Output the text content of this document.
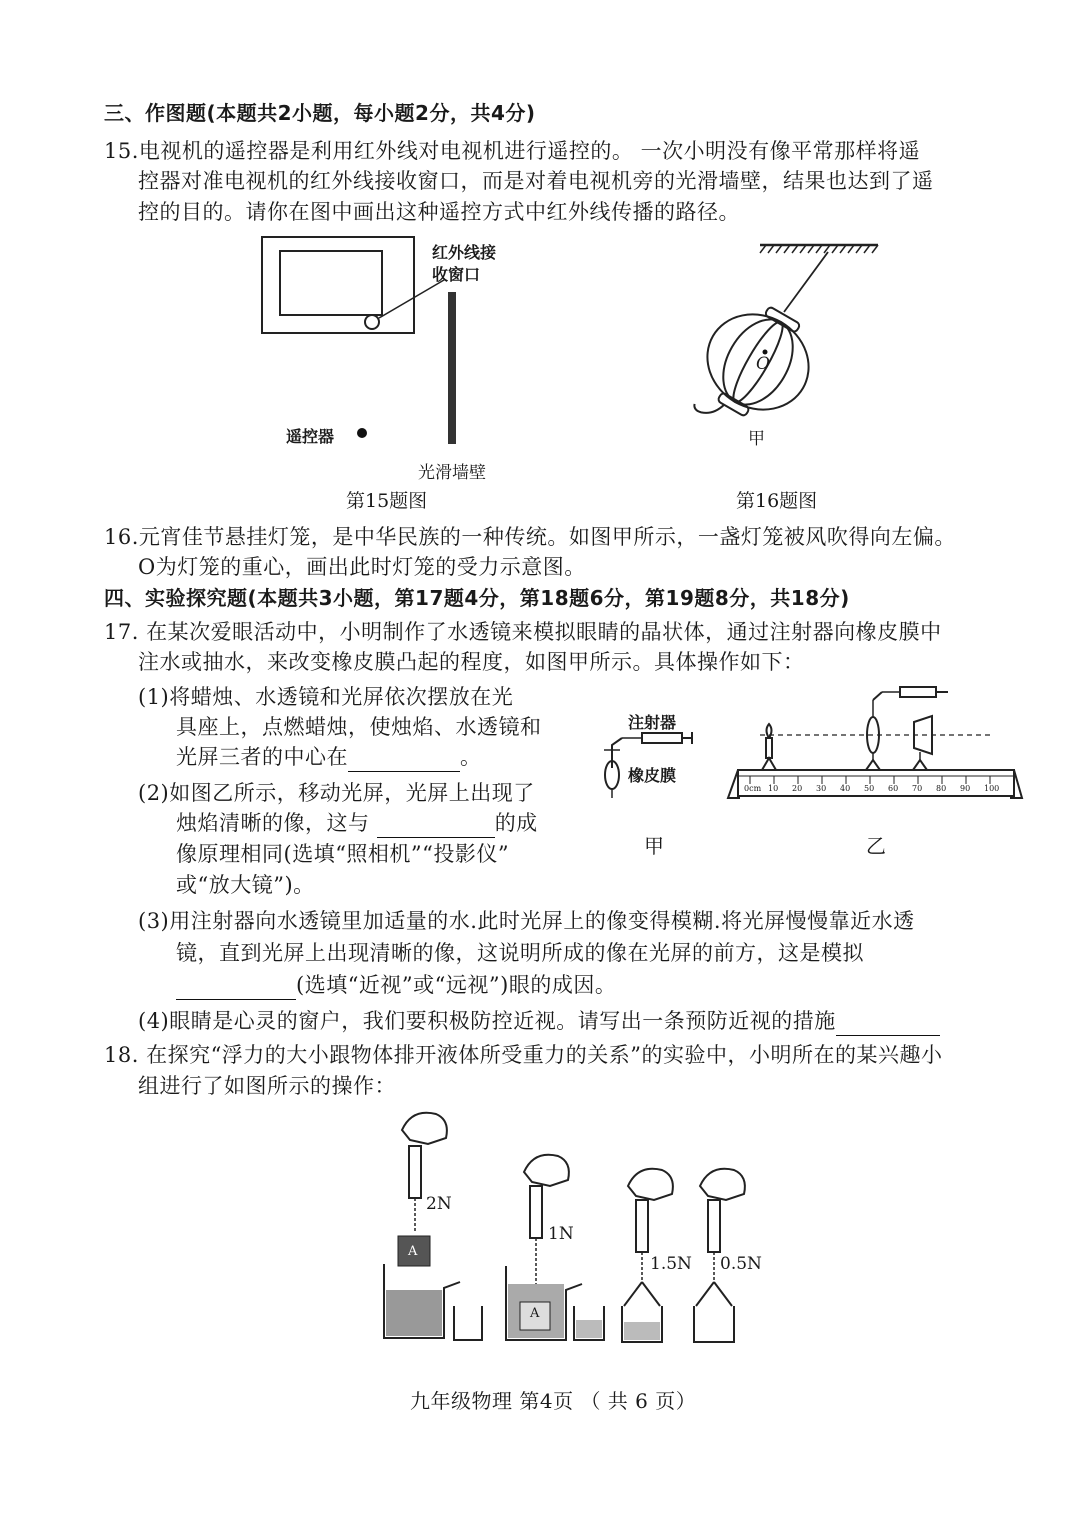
三、作图题(本题共2小题，每小题2分，共4分)
15.电视机的遥控器是利用红外线对电视机进行遥控的。 一次小明没有像平常那样将遥
控器对准电视机的红外线接收窗口，而是对着电视机旁的光滑墙壁，结果也达到了遥
控的目的。请你在图中画出这种遥控方式中红外线传播的路径。
红外线接
收窗口
遥控器
光滑墙壁
第15题图
O
甲
第16题图
16.元宵佳节悬挂灯笼，是中华民族的一种传统。如图甲所示，一盏灯笼被风吹得向左偏。
O为灯笼的重心，画出此时灯笼的受力示意图。
四、实验探究题(本题共3小题，第17题4分，第18题6分，第19题8分，共18分)
17. 在某次爱眼活动中，小明制作了水透镜来模拟眼睛的晶状体，通过注射器向橡皮膜中
注水或抽水，来改变橡皮膜凸起的程度，如图甲所示。具体操作如下：
(1)将蜡烛、水透镜和光屏依次摆放在光
具座上，点燃蜡烛，使烛焰、水透镜和
光屏三者的中心在	。
(2)如图乙所示，移动光屏，光屏上出现了
烛焰清晰的像，这与	的成
像原理相同(选填“照相机”“投影仪”
或“放大镜”)。
注射器
橡皮膜
甲	乙
0cm 10 20 30 40 50 60 70 80 90 100
(3)用注射器向水透镜里加适量的水.此时光屏上的像变得模糊.将光屏慢慢靠近水透
镜，直到光屏上出现清晰的像，这说明所成的像在光屏的前方，这是模拟
(选填“近视”或“远视”)眼的成因。
(4)眼睛是心灵的窗户，我们要积极防控近视。请写出一条预防近视的措施
18. 在探究“浮力的大小跟物体排开液体所受重力的关系”的实验中，小明所在的某兴趣小
组进行了如图所示的操作：
2N
1N
1.5N 0.5N
A
A
九年级物理 第4页 （ 共 6 页）
